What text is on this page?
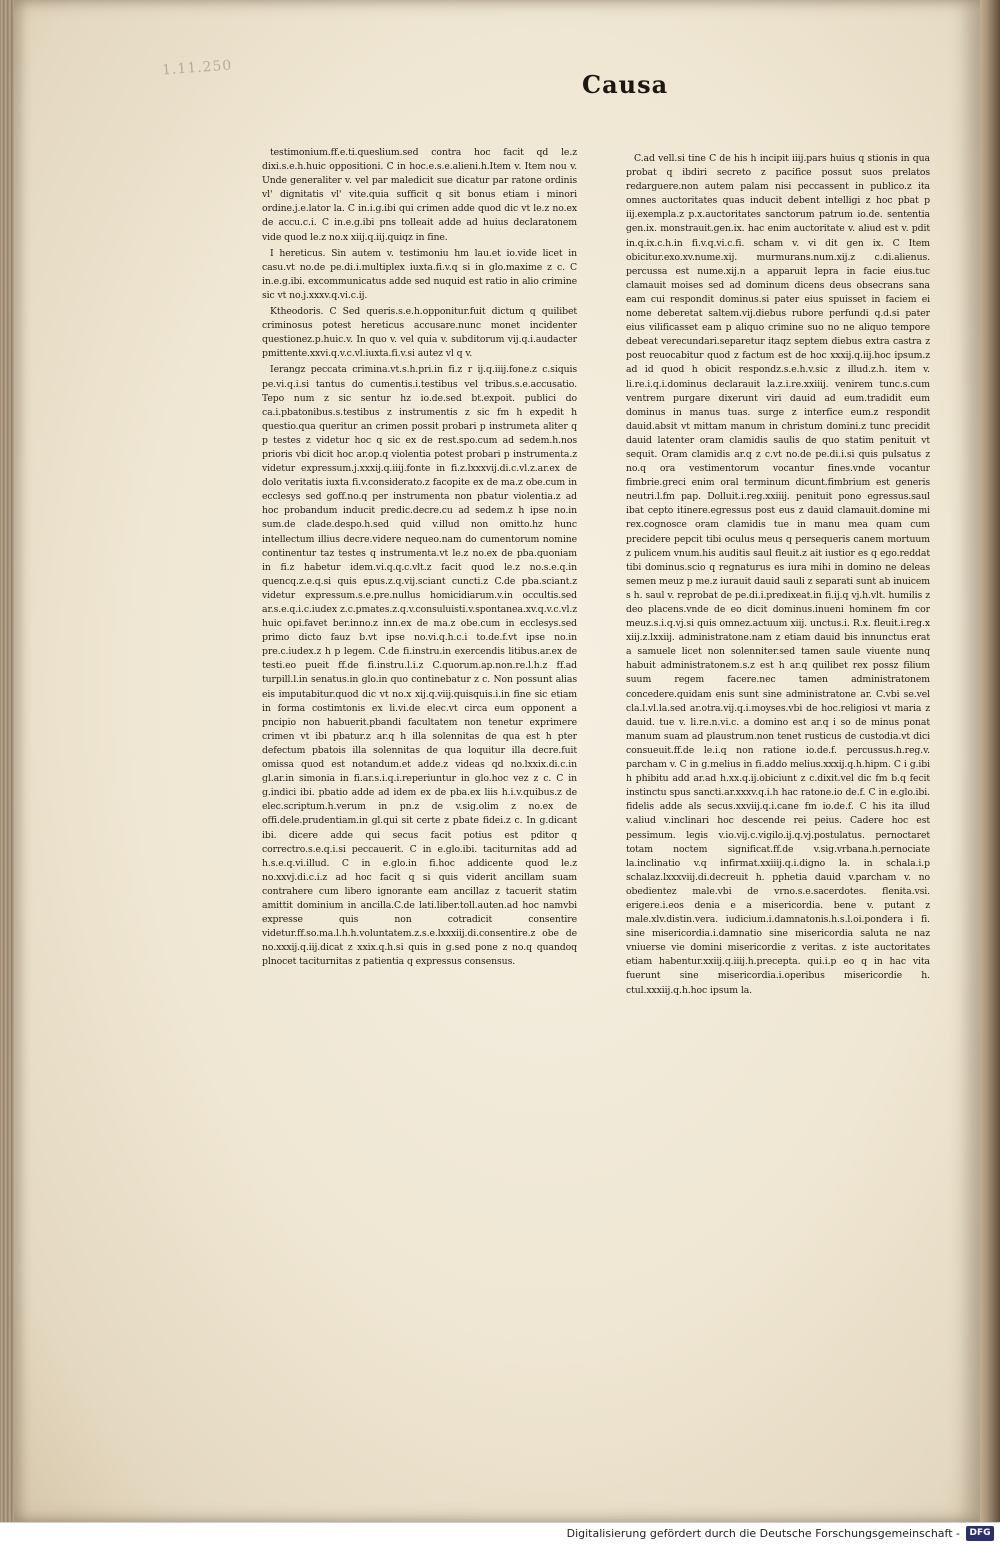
1.11.250
Causa

testimonium.ff.e.ti.queslium.sed contra hoc facit qd le.z dixi.s.e.h.huic oppositioni. C in hoc.e.s.e.alieni.h.Item v. Item nou v. Unde generaliter v. vel par maledicit sue dicatur par ratone ordinis vl' dignitatis vl' vite.quia sufficit q sit bonus etiam i minori ordine.j.e.lator la. C in.i.g.ibi qui crimen adde quod dic vt le.z no.ex de accu.c.i. C in.e.g.ibi pns tolleait adde ad huius declaratonem vide quod le.z no.x xiij.q.iij.quiqz in fine.

I hereticus. Sin autem v. testimoniu hm lau.et io.vide licet in casu.vt no.de pe.di.i.multiplex iuxta.fi.v.q si in glo.maxime z c. C in.e.g.ibi. excommunicatus adde sed nuquid est ratio in alio crimine sic vt no.j.xxxv.q.vi.c.ij.

Ktheodoris. C Sed queris.s.e.h.opponitur.fuit dictum q quilibet criminosus potest hereticus accusare.nunc monet incidenter questionez.p.huic.v. In quo v. vel quia v. subditorum vij.q.i.audacter pmittente.xxvi.q.v.c.vl.iuxta.fi.v.si autez vl q v.

Ierangz peccata crimina.vt.s.h.pri.in fi.z r ij.q.iiij.fone.z c.siquis pe.vi.q.i.si tantus do cumentis.i.testibus vel tribus.s.e.accusatio. Tepo num z sic sentur hz io.de.sed bt.expoit. publici do ca.i.pbatonibus.s.testibus z instrumentis z sic fm h expedit h questio.qua queritur an crimen possit probari p instrumeta aliter q p testes z videtur hoc q sic ex de rest.spo.cum ad sedem.h.nos prioris vbi dicit hoc ar.op.q violentia potest probari p instrumenta.z videtur expressum.j.xxxij.q.iiij.fonte in fi.z.lxxxvij.di.c.vl.z.ar.ex de dolo veritatis iuxta fi.v.considerato.z facopite ex de ma.z obe.cum in ecclesys sed goff.no.q per instrumenta non pbatur violentia.z ad hoc probandum inducit predic.decre.cu ad sedem.z h ipse no.in sum.de clade.despo.h.sed quid v.illud non omitto.hz hunc intellectum illius decre.videre nequeo.nam do cumentorum nomine continentur taz testes q instrumenta.vt le.z no.ex de pba.quoniam in fi.z habetur idem.vi.q.q.c.vlt.z facit quod le.z no.s.e.q.in quencq.z.e.q.si quis epus.z.q.vij.sciant cuncti.z C.de pba.sciant.z videtur expressum.s.e.pre.nullus homicidiarum.v.in occultis.sed ar.s.e.q.i.c.iudex z.c.pmates.z.q.v.consuluisti.v.spontanea.xv.q.v.c.vl.z huic opi.favet ber.inno.z inn.ex de ma.z obe.cum in ecclesys.sed primo dicto fauz b.vt ipse no.vi.q.h.c.i to.de.f.vt ipse no.in pre.c.iudex.z h p legem. C.de fi.instru.in exercendis litibus.ar.ex de testi.eo pueit ff.de fi.instru.l.i.z C.quorum.ap.non.re.l.h.z ff.ad turpill.l.in senatus.in glo.in quo continebatur z c. Non possunt alias eis imputabitur.quod dic vt no.x xij.q.viij.quisquis.i.in fine sic etiam in forma costimtonis ex li.vi.de elec.vt circa eum opponent a pncipio non habuerit.pbandi facultatem non tenetur exprimere crimen vt ibi pbatur.z ar.q h illa solennitas de qua est h pter defectum pbatois illa solennitas de qua loquitur illa decre.fuit omissa quod est notandum.et adde.z videas qd no.lxxix.di.c.in gl.ar.in simonia in fi.ar.s.i.q.i.reperiuntur in glo.hoc vez z c. C in g.indici ibi. pbatio adde ad idem ex de pba.ex liis h.i.v.quibus.z de elec.scriptum.h.verum in pn.z de v.sig.olim z no.ex de offi.dele.prudentiam.in gl.qui sit certe z pbate fidei.z c. In g.dicant ibi. dicere adde qui secus facit potius est pditor q correctro.s.e.q.i.si peccauerit. C in e.glo.ibi. taciturnitas add ad h.s.e.q.vi.illud. C in e.glo.in fi.hoc addicente quod le.z no.xxvj.di.c.i.z ad hoc facit q si quis viderit ancillam suam contrahere cum libero ignorante eam ancillaz z tacuerit statim amittit dominium in ancilla.C.de lati.liber.toll.auten.ad hoc namvbi expresse quis non cotradicit consentire videtur.ff.so.ma.l.h.h.voluntatem.z.s.e.lxxxiij.di.consentire.z obe de no.xxxij.q.iij.dicat z xxix.q.h.si quis in g.sed pone z no.q quandoq plnocet taciturnitas z patientia q expressus consensus.

C.ad vell.si tine C de his h incipit iiij.pars huius q stionis in qua probat q ibdiri secreto z pacifice possut suos prelatos redarguere.non autem palam nisi peccassent in publico.z ita omnes auctoritates quas inducit debent intelligi z hoc pbat p iij.exempla.z p.x.auctoritates sanctorum patrum io.de. sententia gen.ix. monstrauit.gen.ix. hac enim auctoritate v. aliud est v. pdit in.q.ix.c.h.in fi.v.q.vi.c.fi. scham v. vi dit gen ix. C Item obicitur.exo.xv.nume.xij. murmurans.num.xij.z c.di.alienus. percussa est nume.xij.n a apparuit lepra in facie eius.tuc clamauit moises sed ad dominum dicens deus obsecrans sana eam cui respondit dominus.si pater eius spuisset in faciem ei nome deberetat saltem.vij.diebus rubore perfundi q.d.si pater eius vilificasset eam p aliquo crimine suo no ne aliquo tempore debeat verecundari.separetur itaqz septem diebus extra castra z post reuocabitur quod z factum est de hoc xxxij.q.iij.hoc ipsum.z ad id quod h obicit respondz.s.e.h.v.sic z illud.z.h. item v. li.re.i.q.i.dominus declarauit la.z.i.re.xxiiij. venirem tunc.s.cum ventrem purgare dixerunt viri dauid ad eum.tradidit eum dominus in manus tuas. surge z interfice eum.z respondit dauid.absit vt mittam manum in christum domini.z tunc precidit dauid latenter oram clamidis saulis de quo statim penituit vt sequit. Oram clamidis ar.q z c.vt no.de pe.di.i.si quis pulsatus z no.q ora vestimentorum vocantur fines.vnde vocantur fimbrie.greci enim oral terminum dicunt.fimbrium est generis neutri.l.fm pap. Dolluit.i.reg.xxiiij. penituit pono egressus.saul ibat cepto itinere.egressus post eus z dauid clamauit.domine mi rex.cognosce oram clamidis tue in manu mea quam cum precidere pepcit tibi oculus meus q persequeris canem mortuum z pulicem vnum.his auditis saul fleuit.z ait iustior es q ego.reddat tibi dominus.scio q regnaturus es iura mihi in domino ne deleas semen meuz p me.z iurauit dauid sauli z separati sunt ab inuicem s h. saul v. reprobat de pe.di.i.predixeat.in fi.ij.q vj.h.vlt. humilis z deo placens.vnde de eo dicit dominus.inueni hominem fm cor meuz.s.i.q.vj.si quis omnez.actuum xiij. unctus.i. R.x. fleuit.i.reg.x xiij.z.lxxiij. administratone.nam z etiam dauid bis innunctus erat a samuele licet non solenniter.sed tamen saule viuente nunq habuit administratonem.s.z est h ar.q quilibet rex possz filium suum regem facere.nec tamen administratonem concedere.quidam enis sunt sine administratone ar. C.vbi se.vel cla.l.vl.la.sed ar.otra.vij.q.i.moyses.vbi de hoc.religiosi vt maria z dauid. tue v. li.re.n.vi.c. a domino est ar.q i so de minus ponat manum suam ad plaustrum.non tenet rusticus de custodia.vt dici consueuit.ff.de le.i.q non ratione io.de.f. percussus.h.reg.v. parcham v. C in g.melius in fi.addo melius.xxxij.q.h.hipm. C i g.ibi h phibitu add ar.ad h.xx.q.ij.obiciunt z c.dixit.vel dic fm b.q fecit instinctu spus sancti.ar.xxxv.q.i.h hac ratone.io de.f. C in e.glo.ibi. fidelis adde als secus.xxviij.q.i.cane fm io.de.f. C his ita illud v.aliud v.inclinari hoc descende rei peius. Cadere hoc est pessimum. legis v.io.vij.c.vigilo.ij.q.vj.postulatus. pernoctaret totam noctem significat.ff.de v.sig.vrbana.h.pernociate la.inclinatio v.q infirmat.xxiiij.q.i.digno la. in schala.i.p schalaz.lxxxviij.di.decreuit h. pphetia dauid v.parcham v. no obedientez male.vbi de vrno.s.e.sacerdotes. flenita.vsi. erigere.i.eos denia e a misericordia. bene v. putant z male.xlv.distin.vera. iudicium.i.damnatonis.h.s.l.oi.pondera i fi. sine misericordia.i.damnatio sine misericordia saluta ne naz vniuerse vie domini misericordie z veritas. z iste auctoritates etiam habentur.xxiij.q.iiij.h.precepta. qui.i.p eo q in hac vita fuerunt sine misericordia.i.operibus misericordie h. ctul.xxxiij.q.h.hoc ipsum la.

Digitalisierung gefördert durch die Deutsche Forschungsgemeinschaft -	DFG
